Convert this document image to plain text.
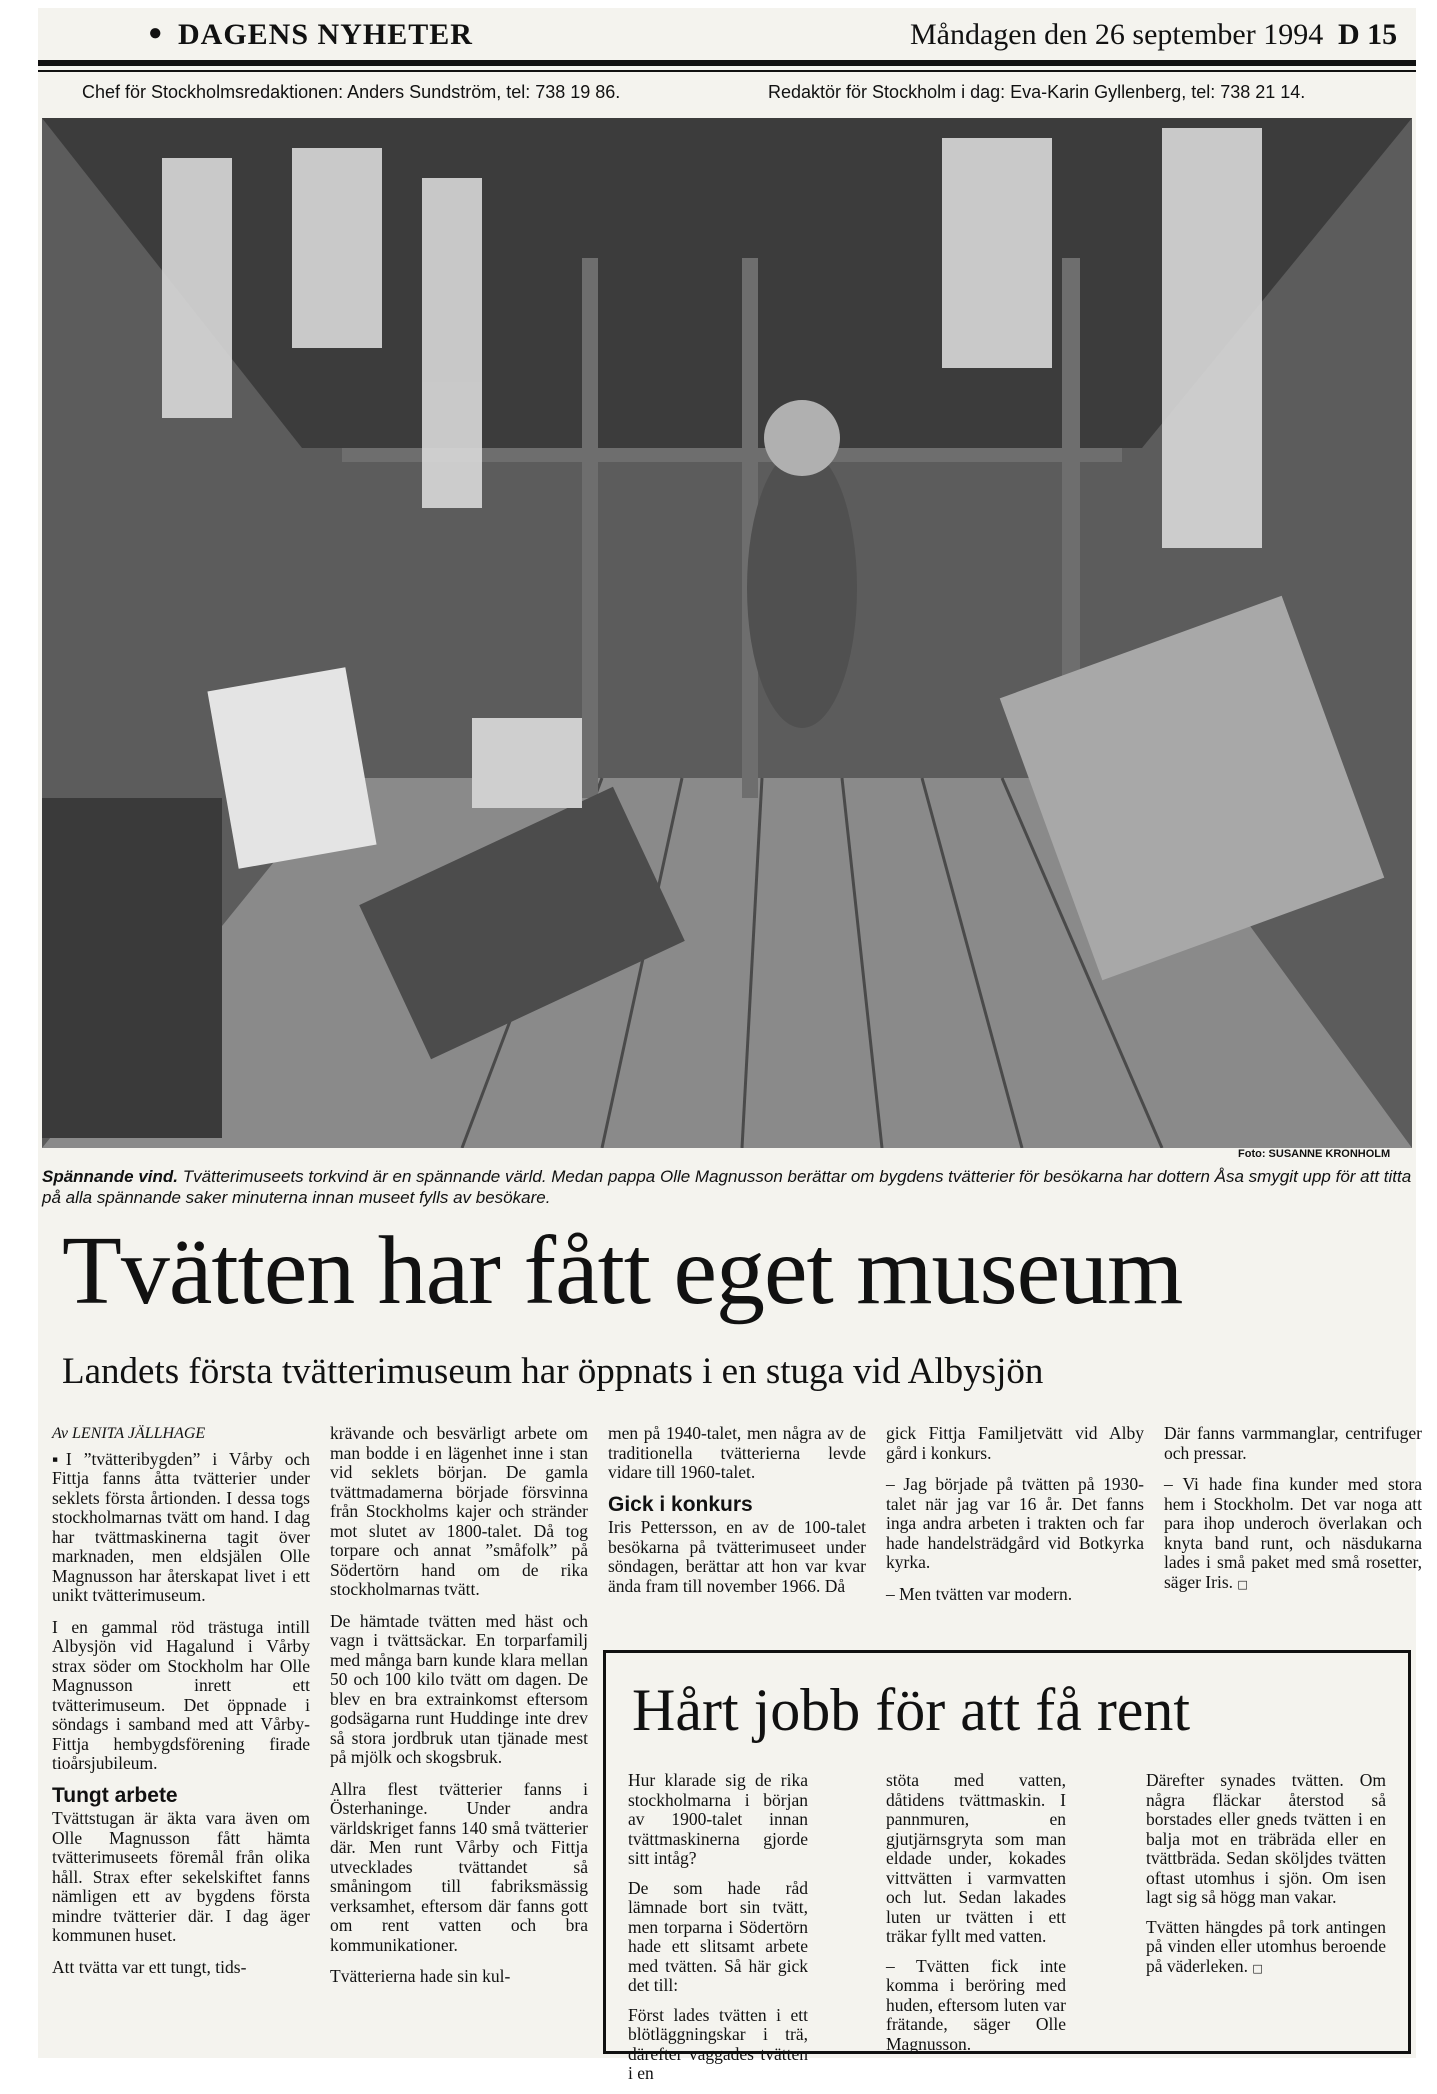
● DAGENS NYHETER	Måndagen den 26 september 1994 D 15
Chef för Stockholmsredaktionen: Anders Sundström, tel: 738 19 86.	Redaktör för Stockholm i dag: Eva-Karin Gyllenberg, tel: 738 21 14.
Foto: SUSANNE KRONHOLM
Spännande vind. Tvätterimuseets torkvind är en spännande värld. Medan pappa Olle Magnusson berättar om bygdens tvätterier för besökarna har dottern Åsa smygit upp för att titta på alla spännande saker minuterna innan museet fylls av besökare.
Tvätten har fått eget museum
Landets första tvätterimuseum har öppnats i en stuga vid Albysjön
Av LENITA JÄLLHAGE

▪I ”tvätteribygden” i Vårby och Fittja fanns åtta tvätterier under seklets första årtionden. I dessa togs stockholmarnas tvätt om hand. I dag har tvättmaskinerna tagit över marknaden, men eldsjälen Olle Magnusson har återskapat livet i ett unikt tvätterimuseum.

I en gammal röd trästuga intill Albysjön vid Hagalund i Vårby strax söder om Stockholm har Olle Magnusson inrett ett tvätterimuseum. Det öppnade i söndags i samband med att Vårby-Fittja hembygdsförening firade tioårsjubileum.

Tungt arbete

Tvättstugan är äkta vara även om Olle Magnusson fått hämta tvätterimuseets föremål från olika håll. Strax efter sekelskiftet fanns nämligen ett av bygdens första mindre tvätterier där. I dag äger kommunen huset.

Att tvätta var ett tungt, tids-

krävande och besvärligt arbete om man bodde i en lägenhet inne i stan vid seklets början. De gamla tvättmadamerna började försvinna från Stockholms kajer och stränder mot slutet av 1800-talet. Då tog torpare och annat ”småfolk” på Södertörn hand om de rika stockholmarnas tvätt.

De hämtade tvätten med häst och vagn i tvättsäckar. En torparfamilj med många barn kunde klara mellan 50 och 100 kilo tvätt om dagen. De blev en bra extrainkomst eftersom godsägarna runt Huddinge inte drev så stora jordbruk utan tjänade mest på mjölk och skogsbruk.

Allra flest tvätterier fanns i Österhaninge. Under andra världskriget fanns 140 små tvätterier där. Men runt Vårby och Fittja utvecklades tvättandet så småningom till fabriksmässig verksamhet, eftersom där fanns gott om rent vatten och bra kommunikationer.

Tvätterierna hade sin kul-

men på 1940-talet, men några av de traditionella tvätterierna levde vidare till 1960-talet.

Gick i konkurs

Iris Pettersson, en av de 100-talet besökarna på tvätterimuseet under söndagen, berättar att hon var kvar ända fram till november 1966. Då

gick Fittja Familjetvätt vid Alby gård i konkurs.

– Jag började på tvätten på 1930-talet när jag var 16 år. Det fanns inga andra arbeten i trakten och far hade handelsträdgård vid Botkyrka kyrka.

– Men tvätten var modern.

Där fanns varmmanglar, centrifuger och pressar.

– Vi hade fina kunder med stora hem i Stockholm. Det var noga att para ihop underoch överlakan och knyta band runt, och näsdukarna lades i små paket med små rosetter, säger Iris. □

Hårt jobb för att få rent

Hur klarade sig de rika stockholmarna i början av 1900-talet innan tvättmaskinerna gjorde sitt intåg?

De som hade råd lämnade bort sin tvätt, men torparna i Södertörn hade ett slitsamt arbete med tvätten. Så här gick det till:

Först lades tvätten i ett blötläggningskar i trä, därefter vaggades tvätten i en

stöta med vatten, dåtidens tvättmaskin. I pannmuren, en gjutjärnsgryta som man eldade under, kokades vittvätten i varmvatten och lut. Sedan lakades luten ur tvätten i ett träkar fyllt med vatten.

– Tvätten fick inte komma i beröring med huden, eftersom luten var frätande, säger Olle Magnusson.

Därefter synades tvätten. Om några fläckar återstod så borstades eller gneds tvätten i en balja mot en träbräda eller en tvättbräda. Sedan sköljdes tvätten oftast utomhus i sjön. Om isen lagt sig så högg man vakar.

Tvätten hängdes på tork antingen på vinden eller utomhus beroende på väderleken. □
